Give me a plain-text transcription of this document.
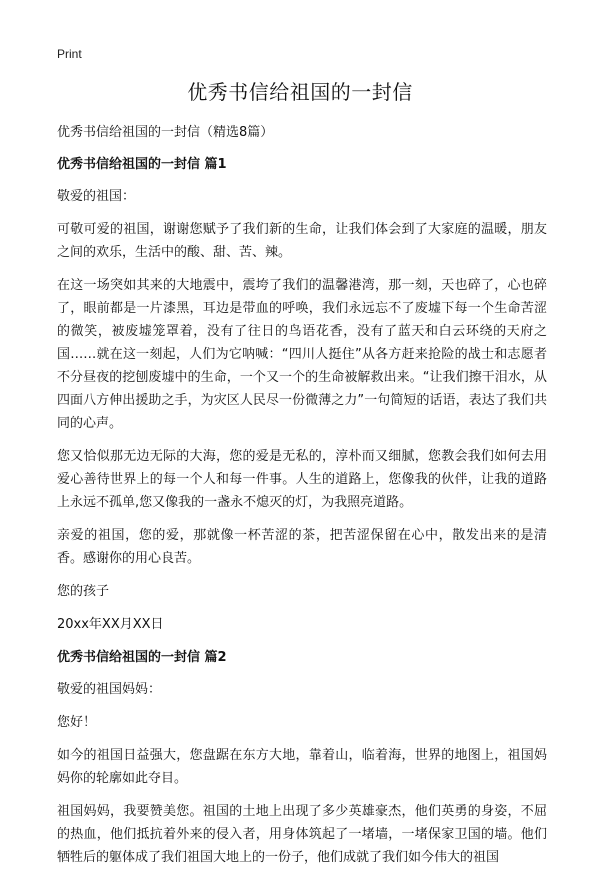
Print
优秀书信给祖国的一封信

优秀书信给祖国的一封信（精选8篇）

优秀书信给祖国的一封信 篇1

敬爱的祖国：

可敬可爱的祖国，谢谢您赋予了我们新的生命，让我们体会到了大家庭的温暖，朋友之间的欢乐，生活中的酸、甜、苦、辣。

在这一场突如其来的大地震中，震垮了我们的温馨港湾，那一刻，天也碎了，心也碎了，眼前都是一片漆黑，耳边是带血的呼唤，我们永远忘不了废墟下每一个生命苦涩的微笑，被废墟笼罩着，没有了往日的鸟语花香，没有了蓝天和白云环绕的天府之国……就在这一刻起，人们为它呐喊：“四川人挺住”从各方赶来抢险的战士和志愿者不分昼夜的挖刨废墟中的生命，一个又一个的生命被解救出来。“让我们擦干泪水，从四面八方伸出援助之手，为灾区人民尽一份微薄之力”一句简短的话语，表达了我们共同的心声。

您又恰似那无边无际的大海，您的爱是无私的，淳朴而又细腻，您教会我们如何去用爱心善待世界上的每一个人和每一件事。人生的道路上，您像我的伙伴，让我的道路上永远不孤单,您又像我的一盏永不熄灭的灯，为我照亮道路。

亲爱的祖国，您的爱，那就像一杯苦涩的茶，把苦涩保留在心中，散发出来的是清香。感谢你的用心良苦。

您的孩子

20xx年XX月XX日

优秀书信给祖国的一封信 篇2

敬爱的祖国妈妈：

您好！

如今的祖国日益强大，您盘踞在东方大地，靠着山，临着海，世界的地图上，祖国妈妈你的轮廓如此夺目。

祖国妈妈，我要赞美您。祖国的土地上出现了多少英雄豪杰，他们英勇的身姿，不屈的热血，他们抵抗着外来的侵入者，用身体筑起了一堵墙，一堵保家卫国的墙。他们牺牲后的躯体成了我们祖国大地上的一份子，他们成就了我们如今伟大的祖国
